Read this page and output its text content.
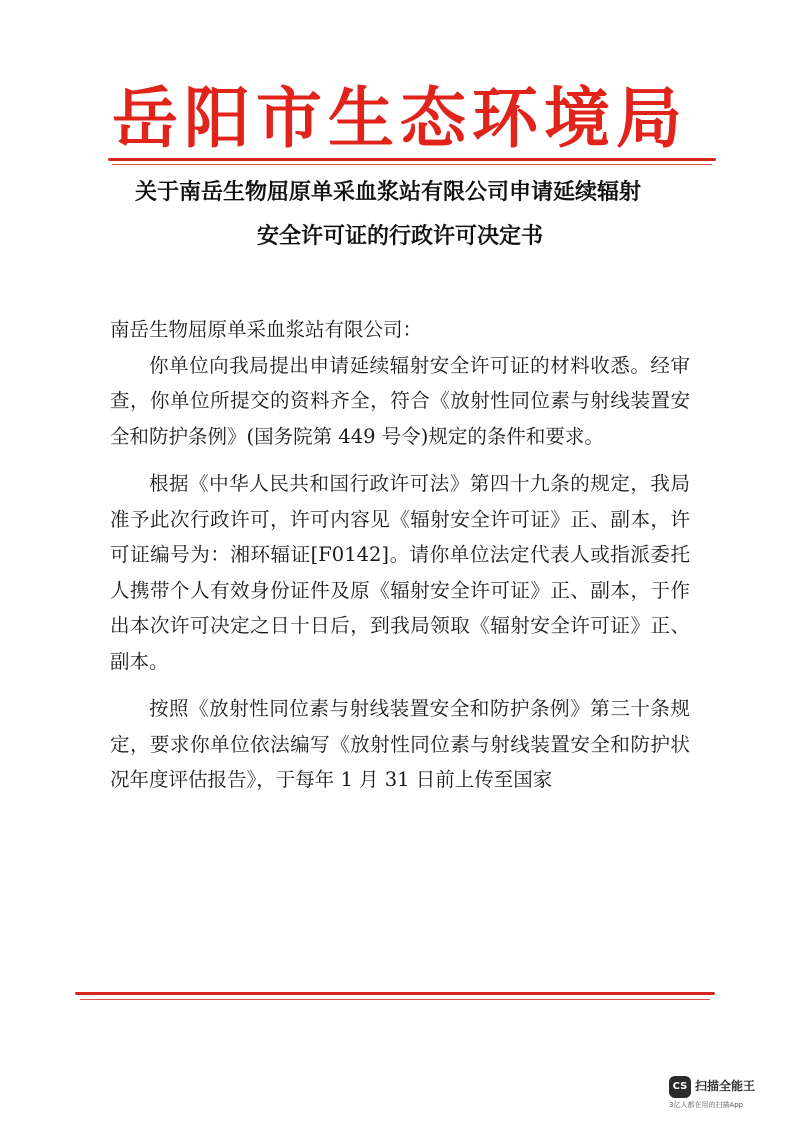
岳阳市生态环境局
关于南岳生物屈原单采血浆站有限公司申请延续辐射
安全许可证的行政许可决定书

南岳生物屈原单采血浆站有限公司：

你单位向我局提出申请延续辐射安全许可证的材料收悉。经审查，你单位所提交的资料齐全，符合《放射性同位素与射线装置安全和防护条例》(国务院第 449 号令)规定的条件和要求。

根据《中华人民共和国行政许可法》第四十九条的规定，我局准予此次行政许可，许可内容见《辐射安全许可证》正、副本，许可证编号为：湘环辐证[F0142]。请你单位法定代表人或指派委托人携带个人有效身份证件及原《辐射安全许可证》正、副本，于作出本次许可决定之日十日后，到我局领取《辐射安全许可证》正、副本。

按照《放射性同位素与射线装置安全和防护条例》第三十条规定，要求你单位依法编写《放射性同位素与射线装置安全和防护状况年度评估报告》，于每年 1 月 31 日前上传至国家

CS 扫描全能王
3亿人都在用的扫描App
